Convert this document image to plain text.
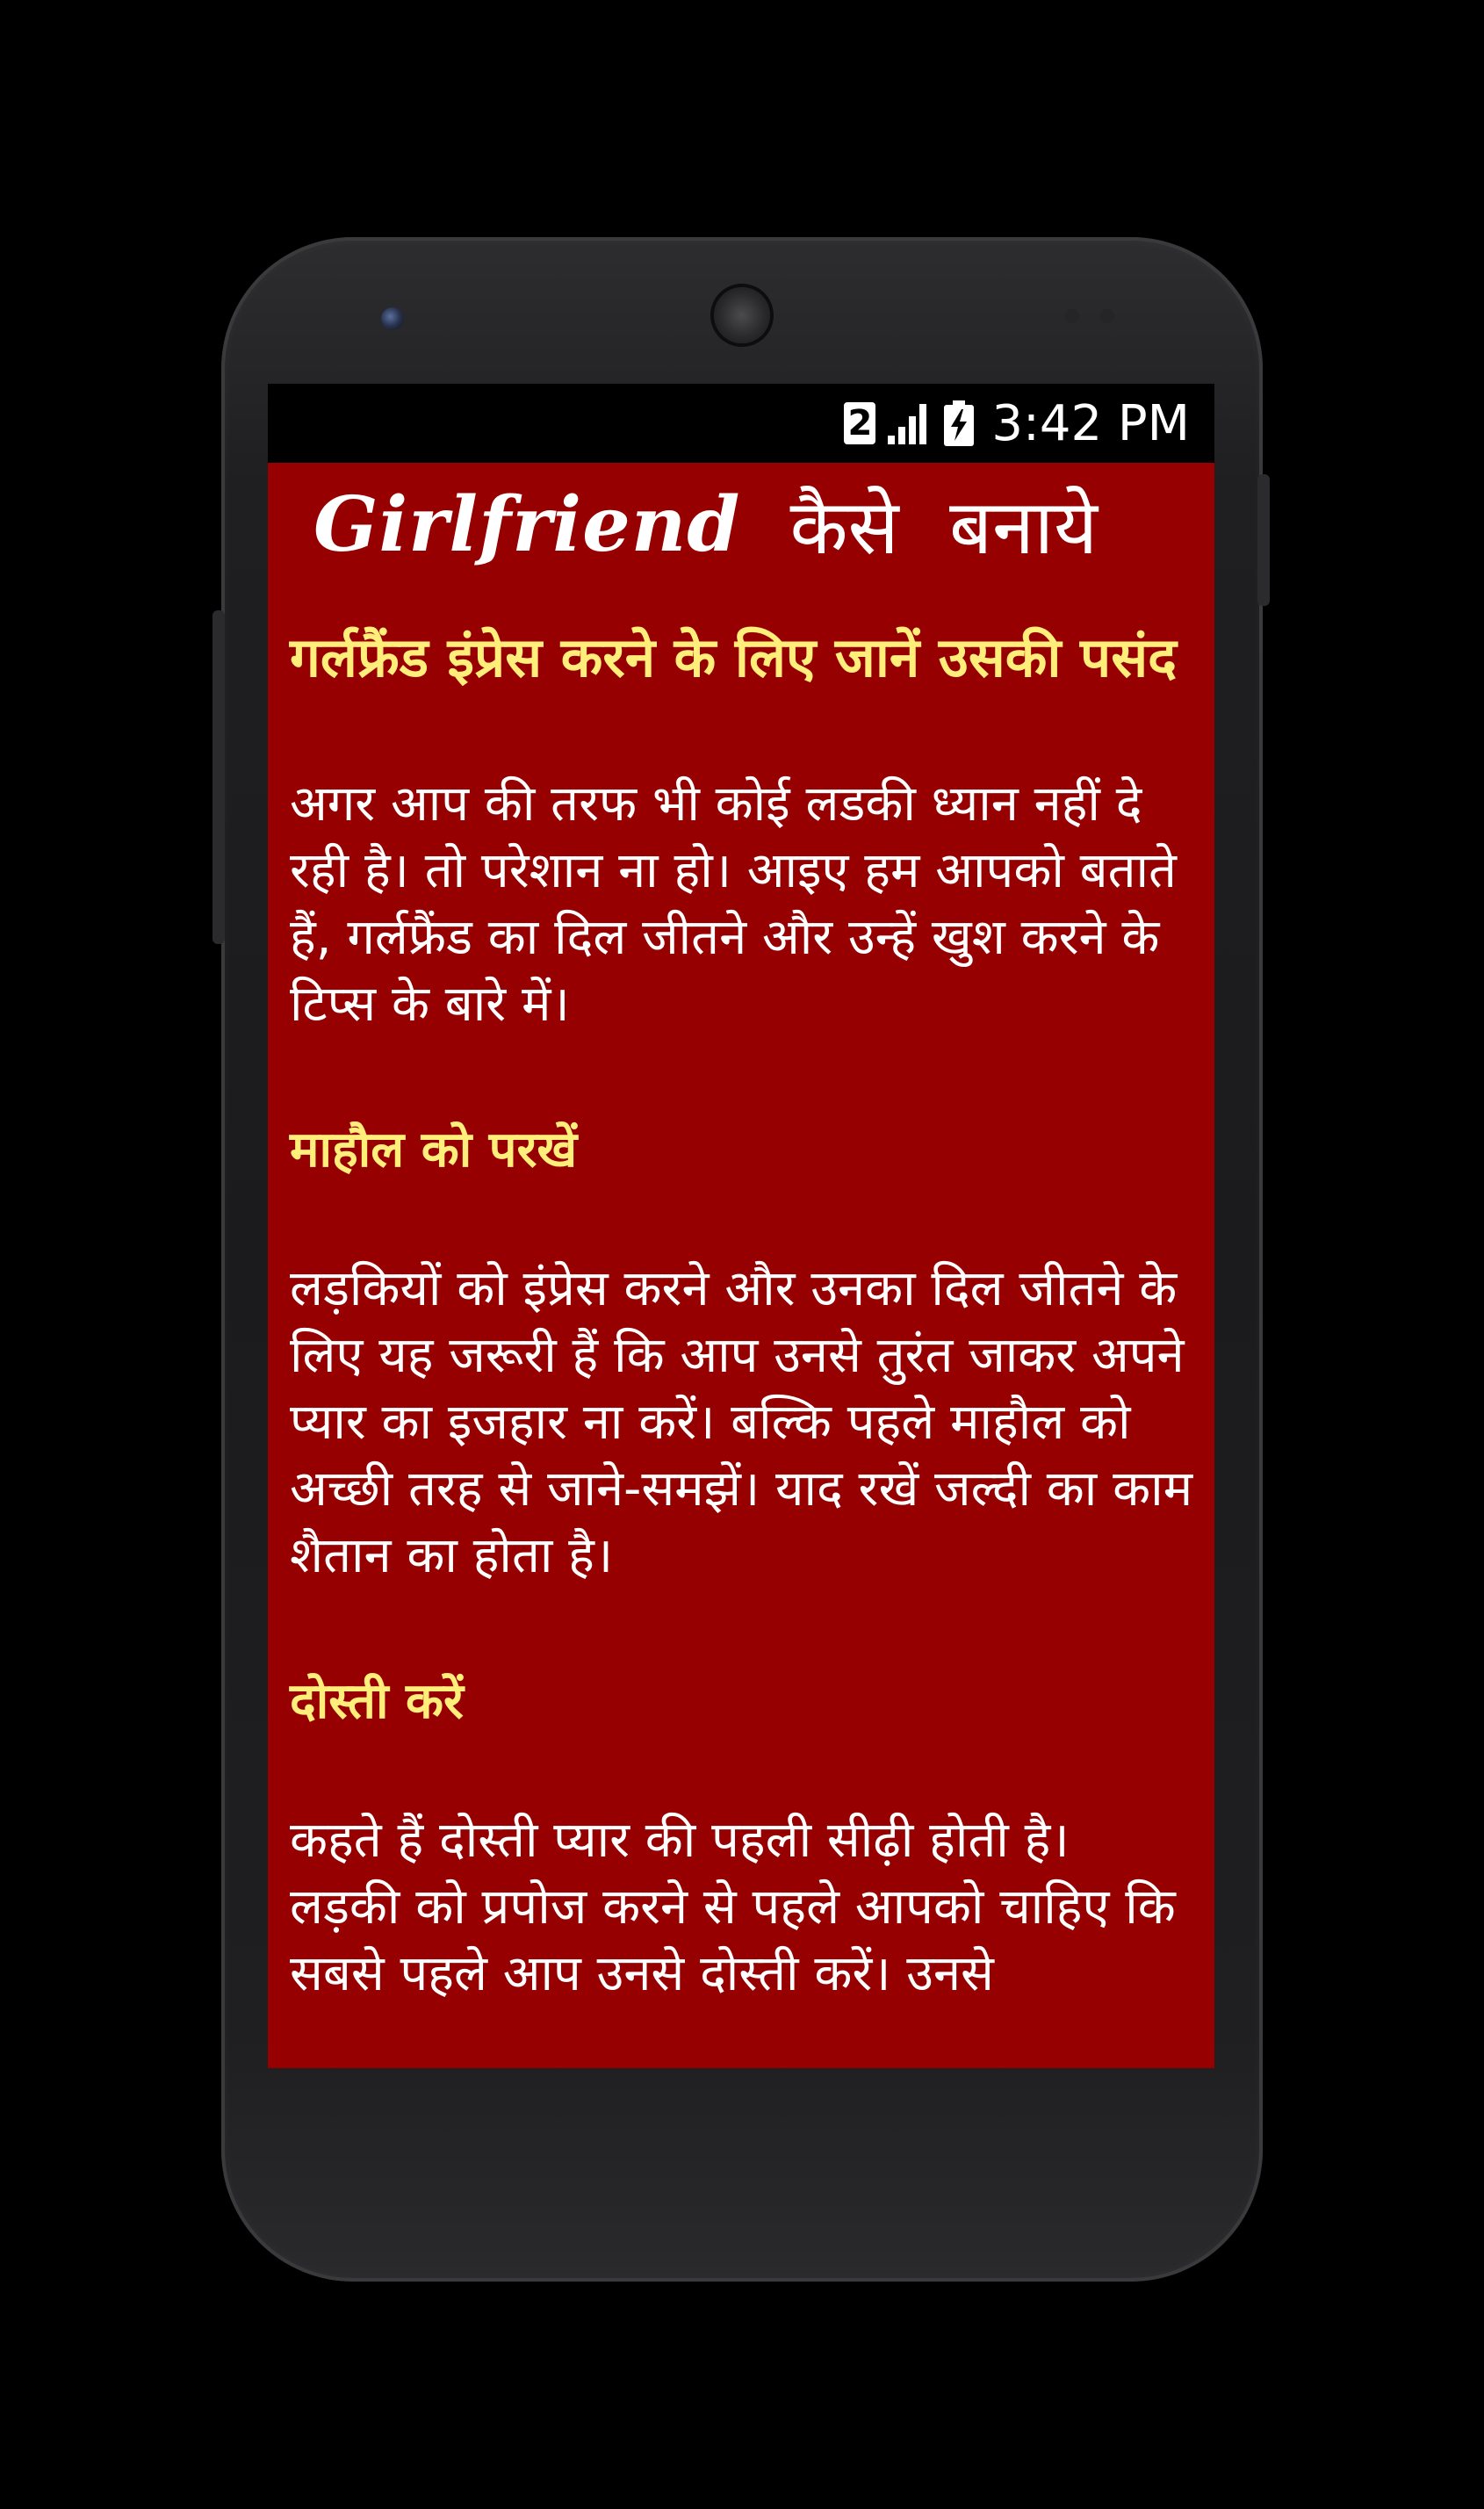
2 3:42 PM
Girlfriend कैसे बनाये

गर्लफ्रैंड इंप्रेस करने के लिए जानें उसकी पसंद

अगर आप की तरफ भी कोई लडकी ध्यान नहीं दे रही है। तो परेशान ना हो। आइए हम आपको बताते हैं, गर्लफ्रैंड का दिल जीतने और उन्हें खुश करने के टिप्स के बारे में।

माहौल को परखें

लड़कियों को इंप्रेस करने और उनका दिल जीतने के लिए यह जरूरी हैं कि आप उनसे तुरंत जाकर अपने प्यार का इजहार ना करें। बल्कि पहले माहौल को अच्छी तरह से जाने-समझें। याद रखें जल्दी का काम शैतान का होता है।

दोस्ती करें

कहते हैं दोस्ती प्यार की पहली सीढ़ी होती है। लड़की को प्रपोज करने से पहले आपको चाहिए कि सबसे पहले आप उनसे दोस्ती करें। उनसे
